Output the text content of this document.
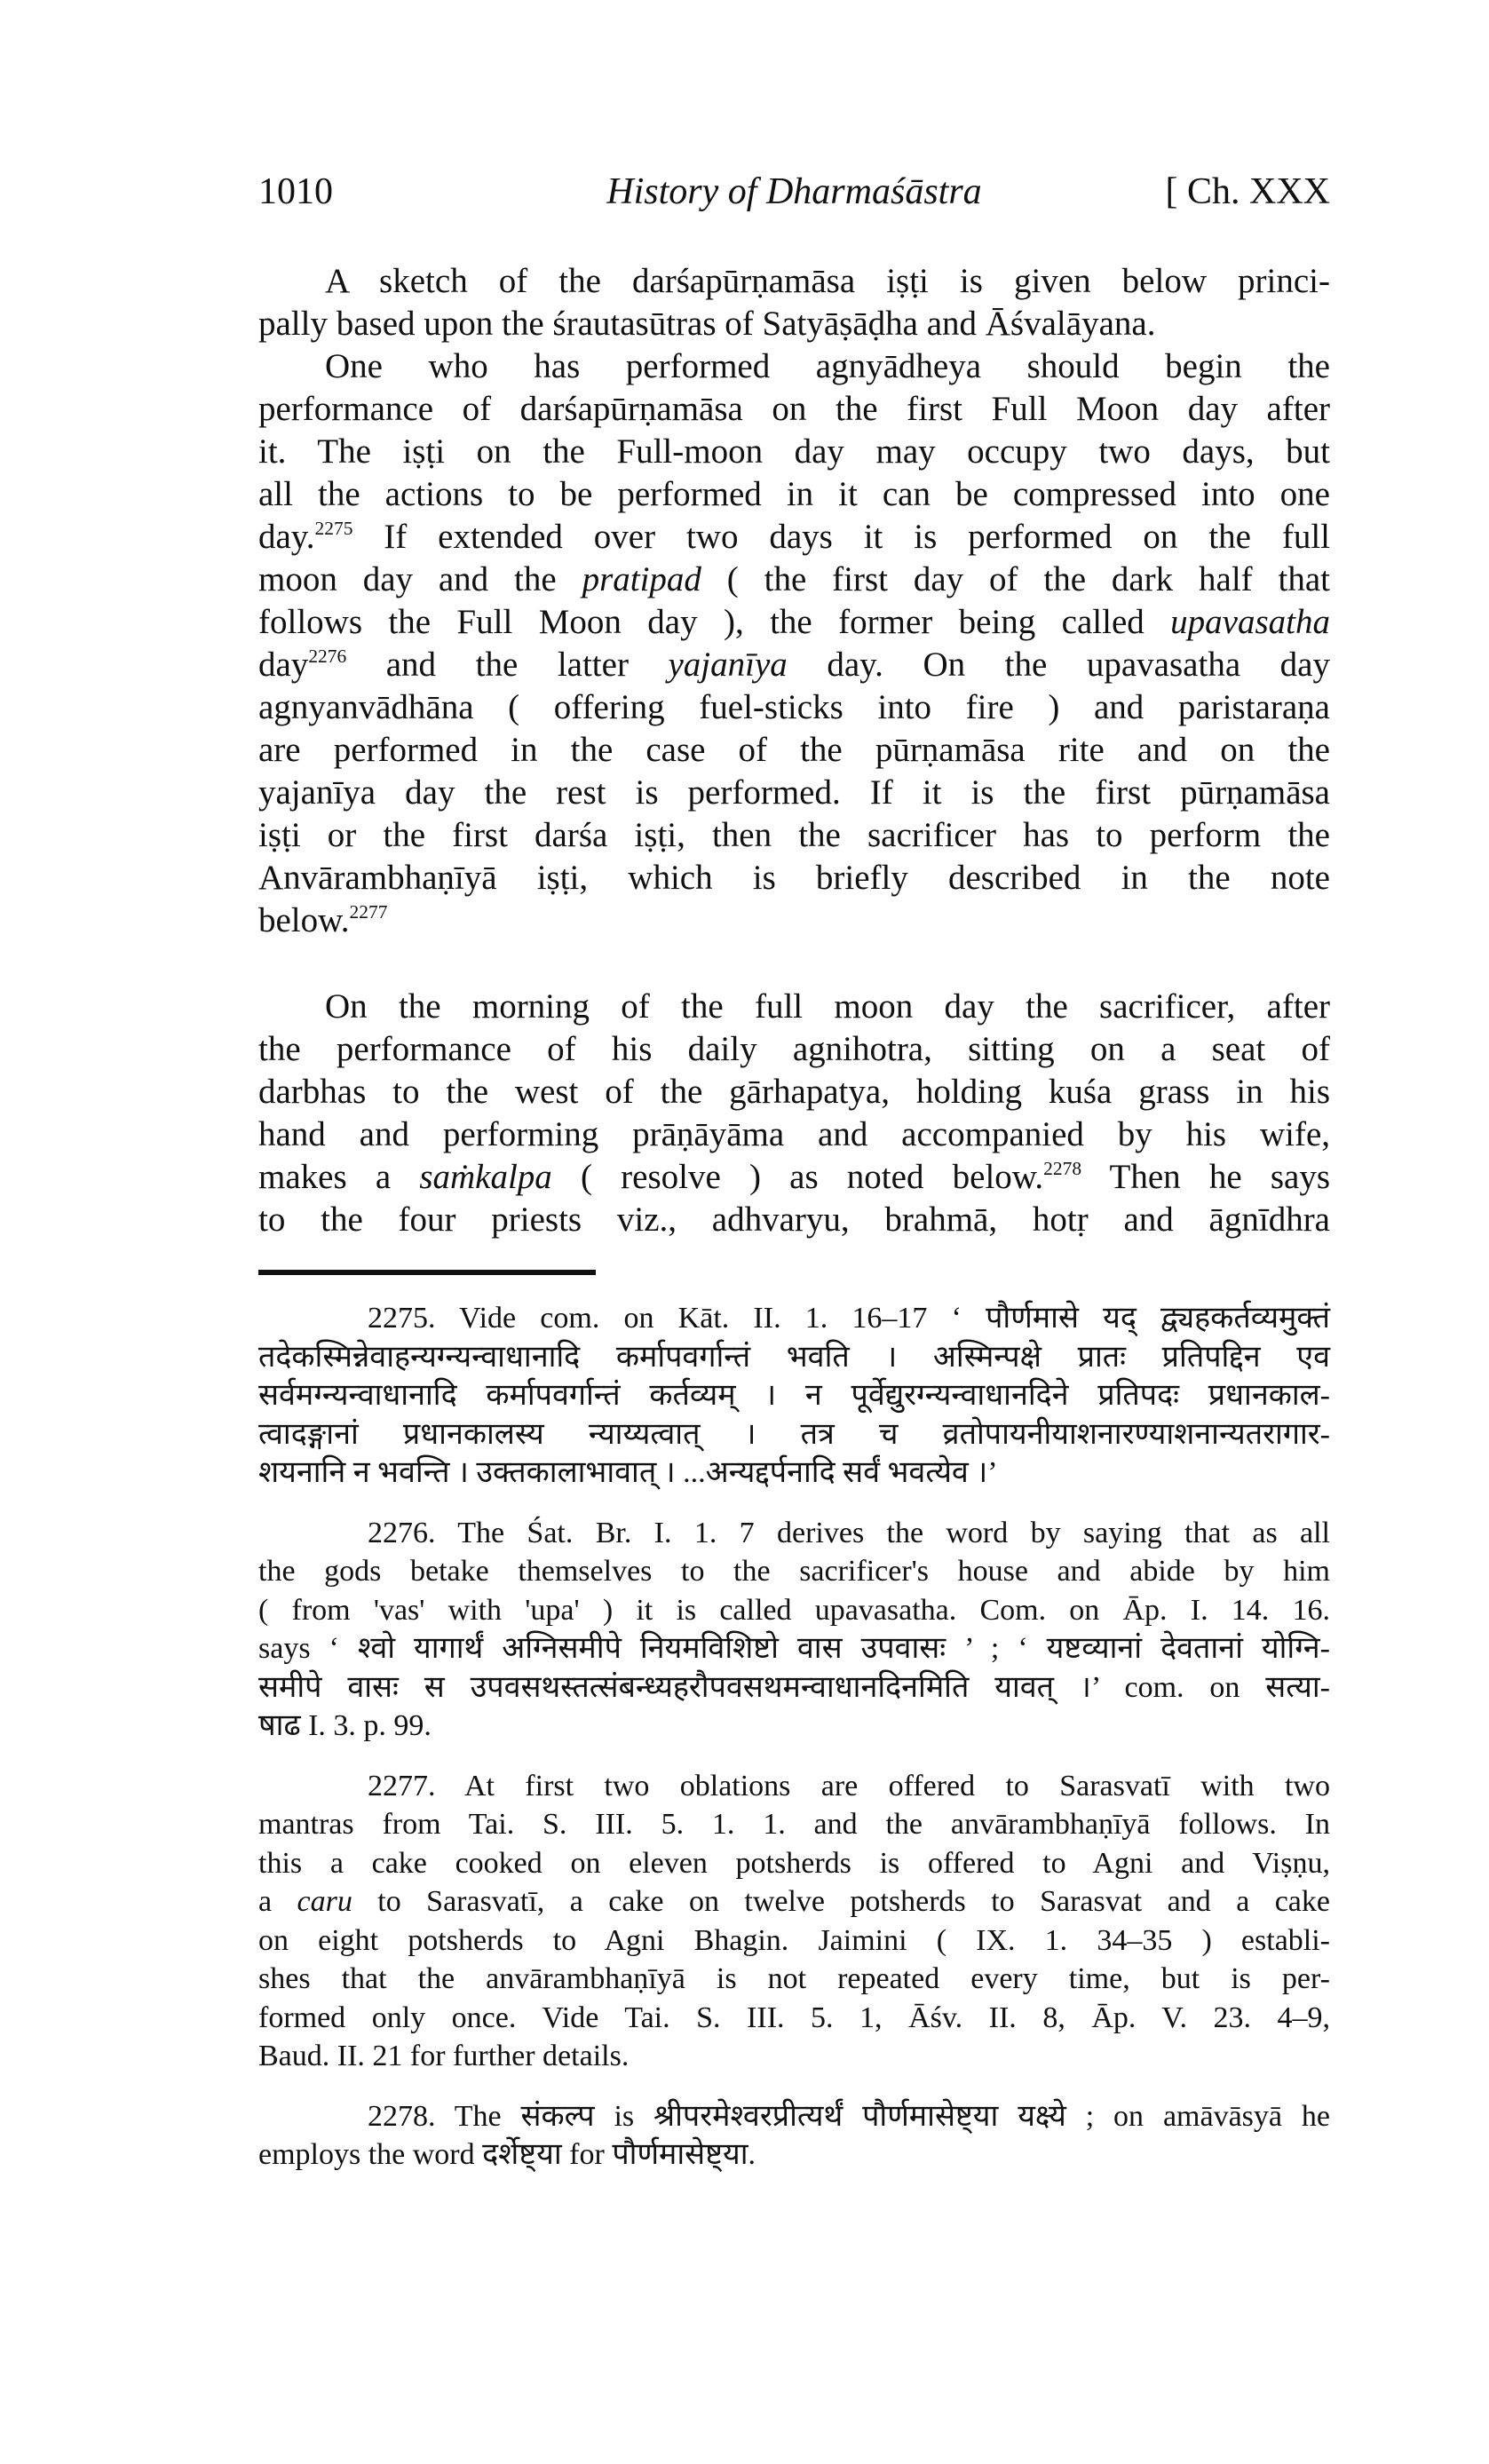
1010	History of Dharmaśāstra	[ Ch. XXX
A sketch of the darśapūrṇamāsa iṣṭi is given below princi-
pally based upon the śrautasūtras of Satyāṣāḍha and Āśvalāyana.
One who has performed agnyādheya should begin the
performance of darśapūrṇamāsa on the first Full Moon day after
it. The iṣṭi on the Full-moon day may occupy two days, but
all the actions to be performed in it can be compressed into one
day.$^{2275}$ If extended over two days it is performed on the full
moon day and the pratipad ( the first day of the dark half that
follows the Full Moon day ), the former being called upavasatha
day$^{2276}$ and the latter yajanīya day. On the upavasatha day
agnyanvādhāna ( offering fuel-sticks into fire ) and paristaraṇa
are performed in the case of the pūrṇamāsa rite and on the
yajanīya day the rest is performed. If it is the first pūrṇamāsa
iṣṭi or the first darśa iṣṭi, then the sacrificer has to perform the
Anvārambhaṇīyā iṣṭi, which is briefly described in the note
below.$^{2277}$
On the morning of the full moon day the sacrificer, after
the performance of his daily agnihotra, sitting on a seat of
darbhas to the west of the gārhapatya, holding kuśa grass in his
hand and performing prāṇāyāma and accompanied by his wife,
makes a saṁkalpa ( resolve ) as noted below.$^{2278}$ Then he says
to the four priests viz., adhvaryu, brahmā, hotṛ and āgnīdhra
2275. Vide com. on Kāt. II. 1. 16–17 ‘ पौर्णमासे यद् द्व्यहकर्तव्यमुक्तं
तदेकस्मिन्नेवाहन्यग्न्यन्वाधानादि कर्मापवर्गान्तं भवति । अस्मिन्पक्षे प्रातः प्रतिपद्दिन एव
सर्वमग्न्यन्वाधानादि कर्मापवर्गान्तं कर्तव्यम् । न पूर्वेद्युरग्न्यन्वाधानदिने प्रतिपदः प्रधानकाल-
त्वादङ्गानां प्रधानकालस्य न्याय्यत्वात् । तत्र च व्रतोपायनीयाशनारण्याशनान्यतरागार-
शयनानि न भवन्ति । उक्तकालाभावात् । ...अन्यद्दर्पनादि सर्वं भवत्येव ।’
2276. The Śat. Br. I. 1. 7 derives the word by saying that as all
the gods betake themselves to the sacrificer's house and abide by him
( from 'vas' with 'upa' ) it is called upavasatha. Com. on Āp. I. 14. 16.
says ‘ श्वो यागार्थं अग्निसमीपे नियमविशिष्टो वास उपवासः ’ ; ‘ यष्टव्यानां देवतानां योग्नि-
समीपे वासः स उपवसथस्तत्संबन्ध्यहरौपवसथमन्वाधानदिनमिति यावत् ।’ com. on सत्या-
षाढ I. 3. p. 99.
2277. At first two oblations are offered to Sarasvatī with two
mantras from Tai. S. III. 5. 1. 1. and the anvārambhaṇīyā follows. In
this a cake cooked on eleven potsherds is offered to Agni and Viṣṇu,
a caru to Sarasvatī, a cake on twelve potsherds to Sarasvat and a cake
on eight potsherds to Agni Bhagin. Jaimini ( IX. 1. 34–35 ) establi-
shes that the anvārambhaṇīyā is not repeated every time, but is per-
formed only once. Vide Tai. S. III. 5. 1, Āśv. II. 8, Āp. V. 23. 4–9,
Baud. II. 21 for further details.
2278. The संकल्प is श्रीपरमेश्वरप्रीत्यर्थं पौर्णमासेष्ट्या यक्ष्ये ; on amāvāsyā he
employs the word दर्शेष्ट्या for पौर्णमासेष्ट्या.
